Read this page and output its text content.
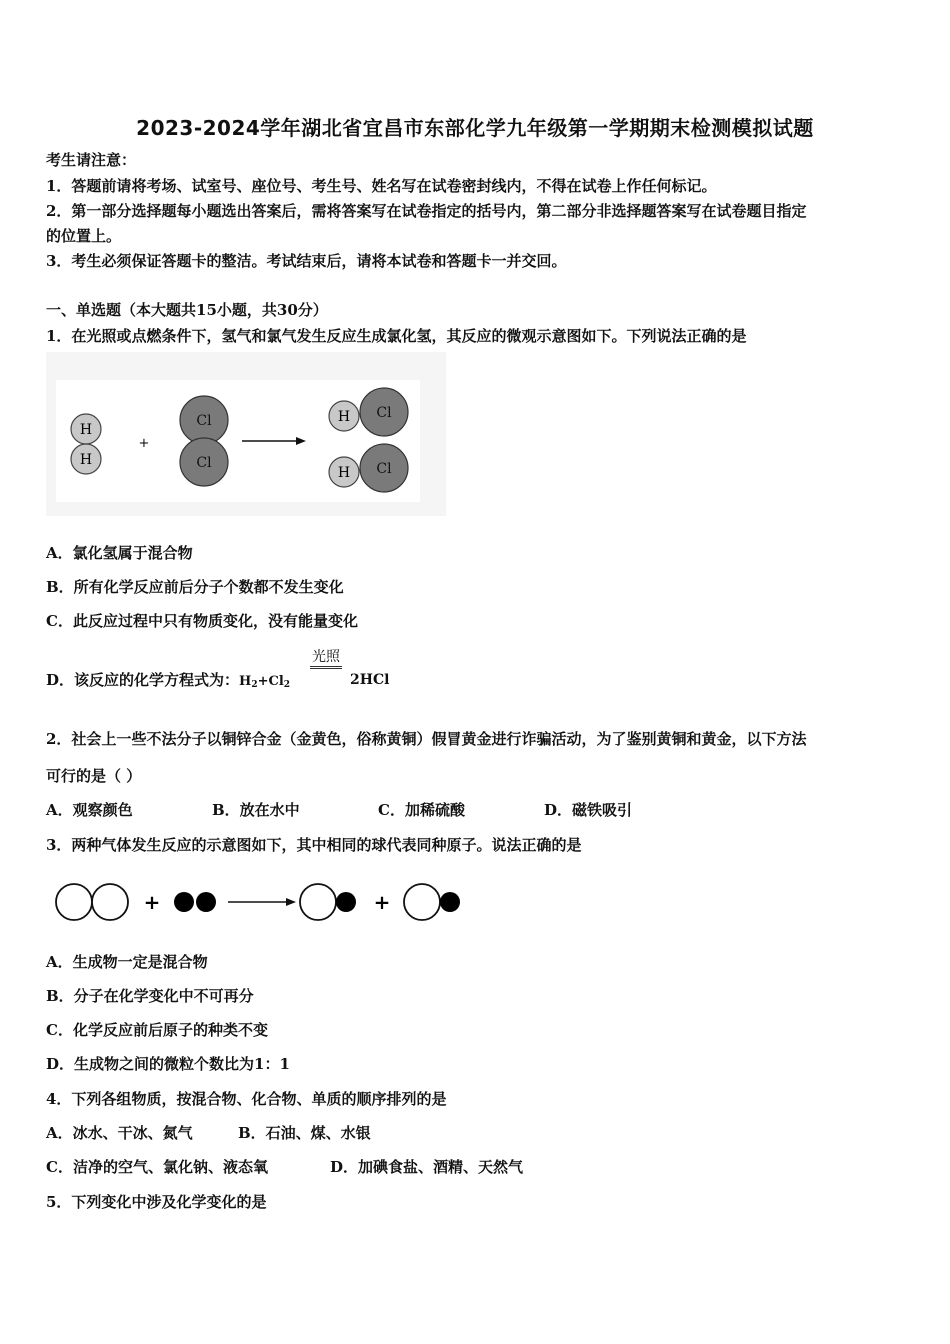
2023-2024学年湖北省宜昌市东部化学九年级第一学期期末检测模拟试题
考生请注意：
1．答题前请将考场、试室号、座位号、考生号、姓名写在试卷密封线内，不得在试卷上作任何标记。
2．第一部分选择题每小题选出答案后，需将答案写在试卷指定的括号内，第二部分非选择题答案写在试卷题目指定
的位置上。
3．考生必须保证答题卡的整洁。考试结束后，请将本试卷和答题卡一并交回。
一、单选题（本大题共15小题，共30分）
1．在光照或点燃条件下，氢气和氯气发生反应生成氯化氢，其反应的微观示意图如下。下列说法正确的是
H
H
+
Cl
Cl
H Cl
H Cl
A．氯化氢属于混合物
B．所有化学反应前后分子个数都不发生变化
C．此反应过程中只有物质变化，没有能量变化
D．该反应的化学方程式为：$H_2+Cl_2$
光照
2HCl
2．社会上一些不法分子以铜锌合金（金黄色，俗称黄铜）假冒黄金进行诈骗活动，为了鉴别黄铜和黄金，以下方法
可行的是（ ）
A．观察颜色	B．放在水中	C．加稀硫酸	D．磁铁吸引
3．两种气体发生反应的示意图如下，其中相同的球代表同种原子。说法正确的是
+	+
A．生成物一定是混合物
B．分子在化学变化中不可再分
C．化学反应前后原子的种类不变
D．生成物之间的微粒个数比为1：1
4．下列各组物质，按混合物、化合物、单质的顺序排列的是
A．冰水、干冰、氮气	B．石油、煤、水银
C．洁净的空气、氯化钠、液态氧	D．加碘食盐、酒精、天然气
5．下列变化中涉及化学变化的是
